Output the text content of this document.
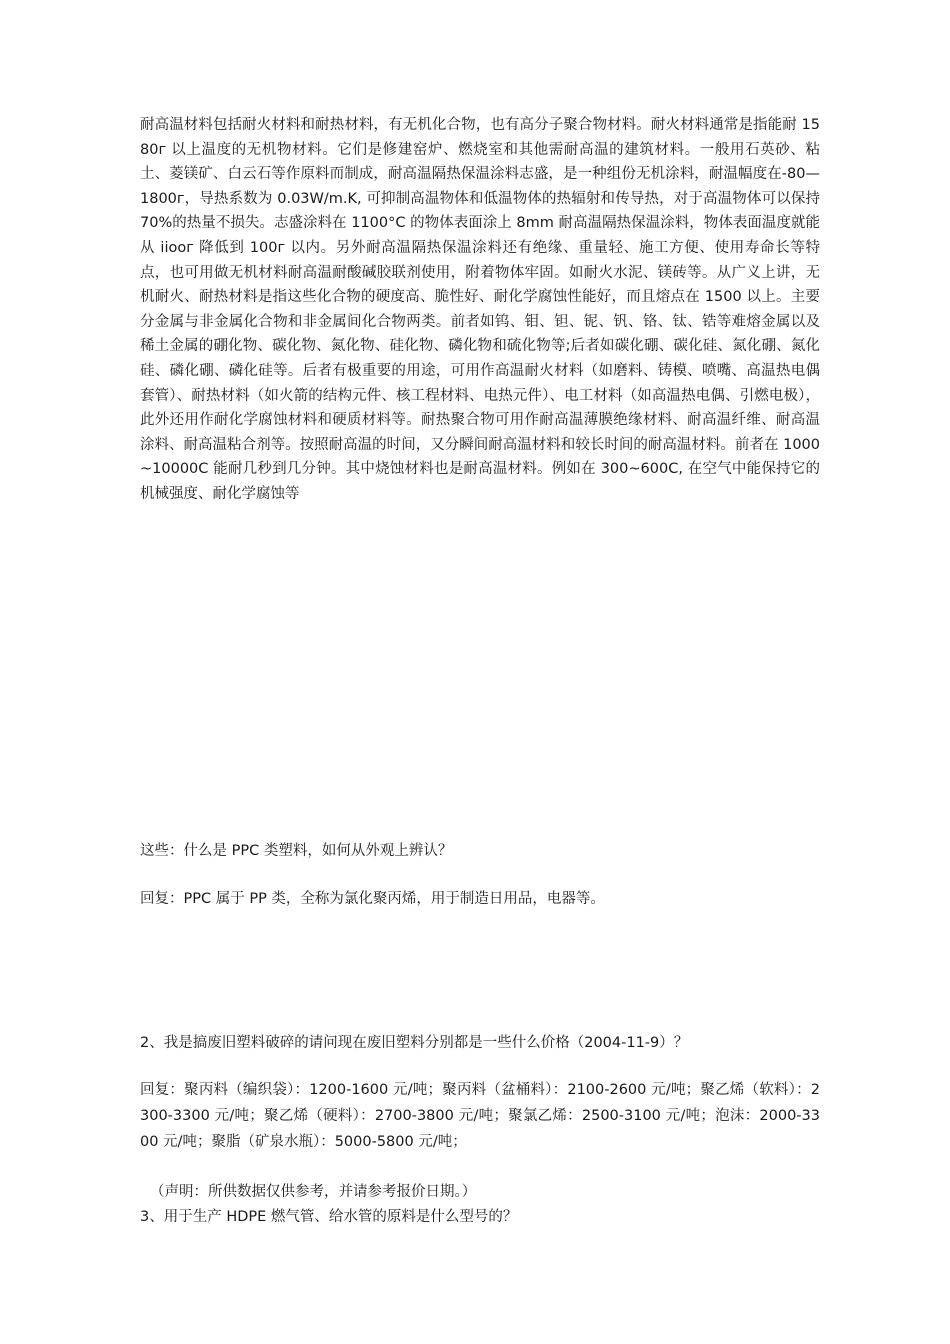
耐高温材料包括耐火材料和耐热材料，有无机化合物，也有高分子聚合物材料。耐火材料通常是指能耐 1580г 以上温度的无机物材料。它们是修建窑炉、燃烧室和其他需耐高温的建筑材料。一般用石英砂、粘土、菱镁矿、白云石等作原料而制成，耐高温隔热保温涂料志盛，是一种组份无机涂料，耐温幅度在-80—1800г，导热系数为 0.03W/m.K, 可抑制高温物体和低温物体的热辐射和传导热，对于高温物体可以保持 70%的热量不损失。志盛涂料在 1100°C 的物体表面涂上 8mm 耐高温隔热保温涂料，物体表面温度就能从 iiooг 降低到 100г 以内。另外耐高温隔热保温涂料还有绝缘、重量轻、施工方便、使用寿命长等特点，也可用做无机材料耐高温耐酸碱胶联剂使用，附着物体牢固。如耐火水泥、镁砖等。从广义上讲，无机耐火、耐热材料是指这些化合物的硬度高、脆性好、耐化学腐蚀性能好，而且熔点在 1500 以上。主要分金属与非金属化合物和非金属间化合物两类。前者如钨、钼、钽、铌、钒、铬、钛、锆等难熔金属以及稀土金属的硼化物、碳化物、氮化物、硅化物、磷化物和硫化物等;后者如碳化硼、碳化硅、氮化硼、氮化硅、磷化硼、磷化硅等。后者有极重要的用途，可用作高温耐火材料（如磨料、铸模、喷嘴、高温热电偶套管）、耐热材料（如火箭的结构元件、核工程材料、电热元件）、电工材料（如高温热电偶、引燃电极），此外还用作耐化学腐蚀材料和硬质材料等。耐热聚合物可用作耐高温薄膜绝缘材料、耐高温纤维、耐高温涂料、耐高温粘合剂等。按照耐高温的时间，又分瞬间耐高温材料和较长时间的耐高温材料。前者在 1000~10000C 能耐几秒到几分钟。其中烧蚀材料也是耐高温材料。例如在 300~600C, 在空气中能保持它的机械强度、耐化学腐蚀等

这些：什么是 PPC 类塑料，如何从外观上辨认？

回复：PPC 属于 PP 类，全称为氯化聚丙烯，用于制造日用品，电器等。

2、我是搞废旧塑料破碎的请问现在废旧塑料分别都是一些什么价格（2004-11-9）？

回复：聚丙料（编织袋）：1200-1600 元/吨；聚丙料（盆桶料）：2100-2600 元/吨；聚乙烯（软料）：2300-3300 元/吨；聚乙烯（硬料）：2700-3800 元/吨；聚氯乙烯：2500-3100 元/吨；泡沫：2000-3300 元/吨；聚脂（矿泉水瓶）：5000-5800 元/吨；

（声明：所供数据仅供参考，并请参考报价日期。）

3、用于生产 HDPE 燃气管、给水管的原料是什么型号的？
